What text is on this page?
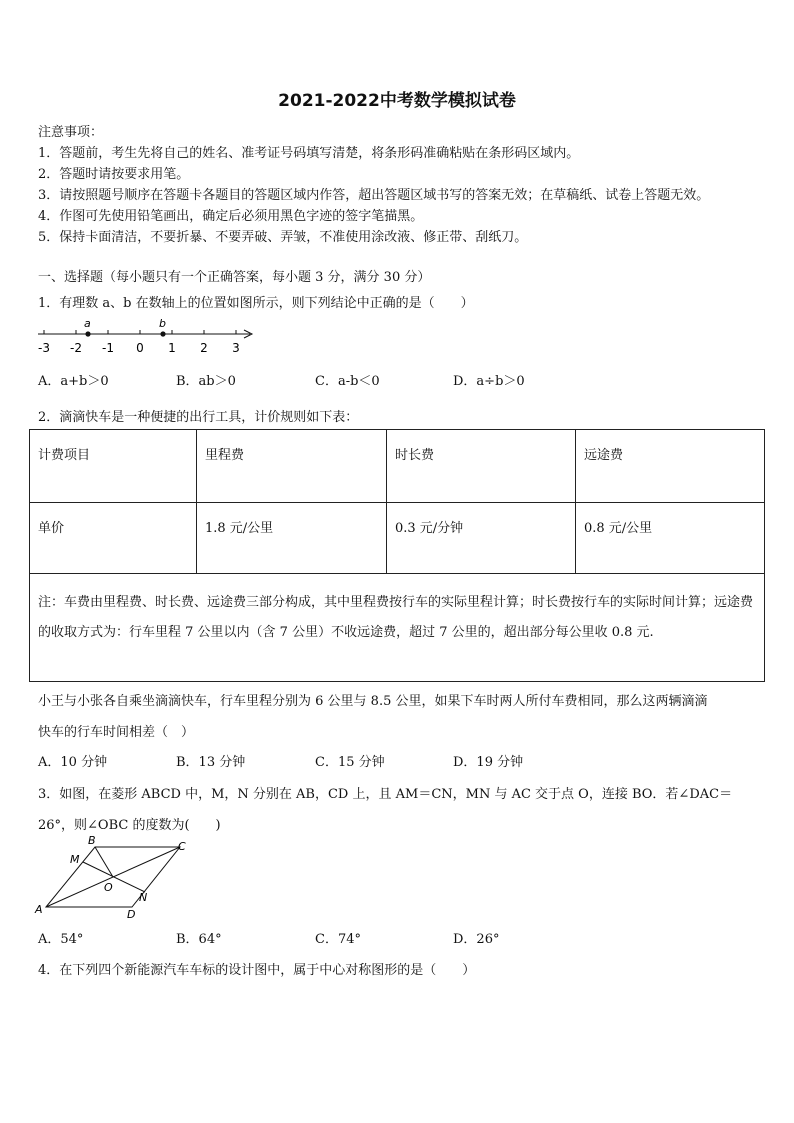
2021-2022中考数学模拟试卷
注意事项：
1．答题前，考生先将自己的姓名、准考证号码填写清楚，将条形码准确粘贴在条形码区域内。
2．答题时请按要求用笔。
3．请按照题号顺序在答题卡各题目的答题区域内作答，超出答题区域书写的答案无效；在草稿纸、试卷上答题无效。
4．作图可先使用铅笔画出，确定后必须用黑色字迹的签字笔描黑。
5．保持卡面清洁，不要折暴、不要弄破、弄皱，不准使用涂改液、修正带、刮纸刀。
一、选择题（每小题只有一个正确答案，每小题 3 分，满分 30 分）
1．有理数 a、b 在数轴上的位置如图所示，则下列结论中正确的是（　　）
a	b
-3 -2 -1 0 1 2 3
A．a+b＞0	B．ab＞0	C．a-b＜0	D．a÷b＞0
2．滴滴快车是一种便捷的出行工具，计价规则如下表：
计费项目	里程费	时长费	远途费
单价	1.8 元/公里	0.3 元/分钟	0.8 元/公里
注：车费由里程费、时长费、远途费三部分构成，其中里程费按行车的实际里程计算；时长费按行车的实际时间计算；远途费的收取方式为：行车里程 7 公里以内（含 7 公里）不收远途费，超过 7 公里的，超出部分每公里收 0.8 元.			
小王与小张各自乘坐滴滴快车，行车里程分别为 6 公里与 8.5 公里，如果下车时两人所付车费相同，那么这两辆滴滴
快车的行车时间相差（　）
A．10 分钟	B．13 分钟	C．15 分钟	D．19 分钟
3．如图，在菱形 ABCD 中，M，N 分别在 AB，CD 上，且 AM＝CN，MN 与 AC 交于点 O，连接 BO．若∠DAC＝
26°，则∠OBC 的度数为(　　)
A
B	C
D
M
N
O
A．54°	B．64°	C．74°	D．26°
4．在下列四个新能源汽车车标的设计图中，属于中心对称图形的是（　　）
